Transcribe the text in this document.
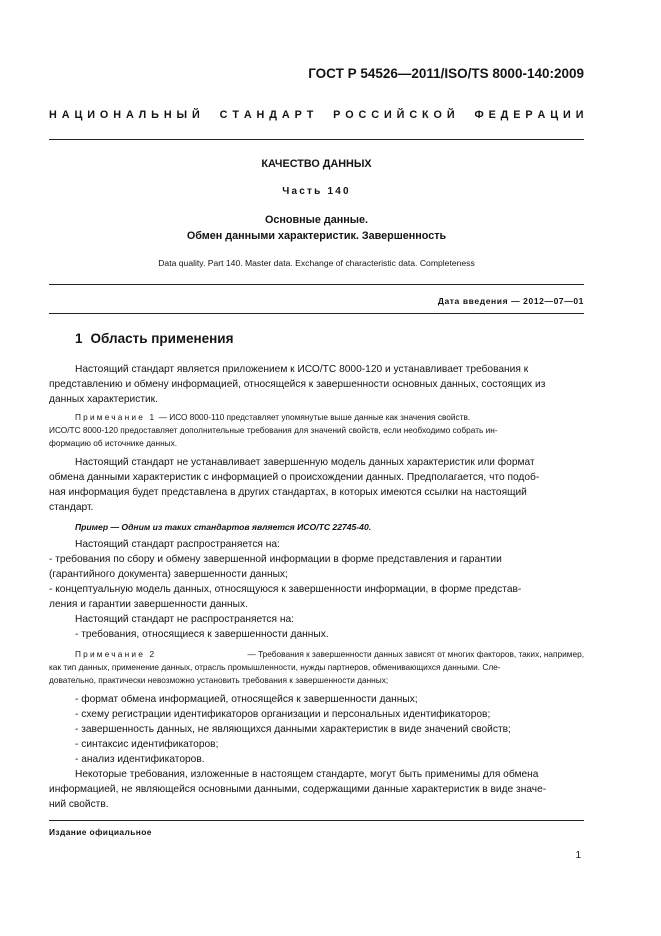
ГОСТ Р 54526—2011/ISO/TS 8000-140:2009
Н А Ц И О Н А Л Ь Н Ы Й
С Т А Н Д А Р Т
Р О С С И Й С К О Й
Ф Е Д Е Р А Ц И И
КАЧЕСТВО ДАННЫХ
Часть 140
Основные данные.
Обмен данными характеристик. Завершенность
Data quality. Part 140. Master data. Exchange of characteristic data. Completeness
Дата введения — 2012—07—01
1 Область применения
Настоящий стандарт является приложением к ИСО/ТС 8000-120 и устанавливает требования к
представлению и обмену информацией, относящейся к завершенности основных данных, состоящих из
данных характеристик.
Примечание 1 — ИСО 8000-110 представляет упомянутые выше данные как значения свойств.
ИСО/ТС 8000-120 предоставляет дополнительные требования для значений свойств, если необходимо собрать ин-
формацию об источнике данных.
Настоящий стандарт не устанавливает завершенную модель данных характеристик или формат
обмена данными характеристик с информацией о происхождении данных. Предполагается, что подоб-
ная информация будет представлена в других стандартах, в которых имеются ссылки на настоящий
стандарт.
Пример — Одним из таких стандартов является ИСО/ТС 22745-40.
Настоящий стандарт распространяется на:
- требования по сбору и обмену завершенной информации в форме представления и гарантии
(гарантийного документа) завершенности данных;
- концептуальную модель данных, относящуюся к завершенности информации, в форме представ-
ления и гарантии завершенности данных.
Настоящий стандарт не распространяется на:
- требования, относящиеся к завершенности данных.
Примечание 2	— Требования к завершенности данных зависят от многих факторов, таких, например,
как тип данных, применение данных, отрасль промышленности, нужды партнеров, обменивающихся данными. Сле-
довательно, практически невозможно установить требования к завершенности данных;
- формат обмена информацией, относящейся к завершенности данных;
- схему регистрации идентификаторов организации и персональных идентификаторов;
- завершенность данных, не являющихся данными характеристик в виде значений свойств;
- синтаксис идентификаторов;
- анализ идентификаторов.
Некоторые требования, изложенные в настоящем стандарте, могут быть применимы для обмена
информацией, не являющейся основными данными, содержащими данные характеристик в виде значе-
ний свойств.
Издание официальное
1
